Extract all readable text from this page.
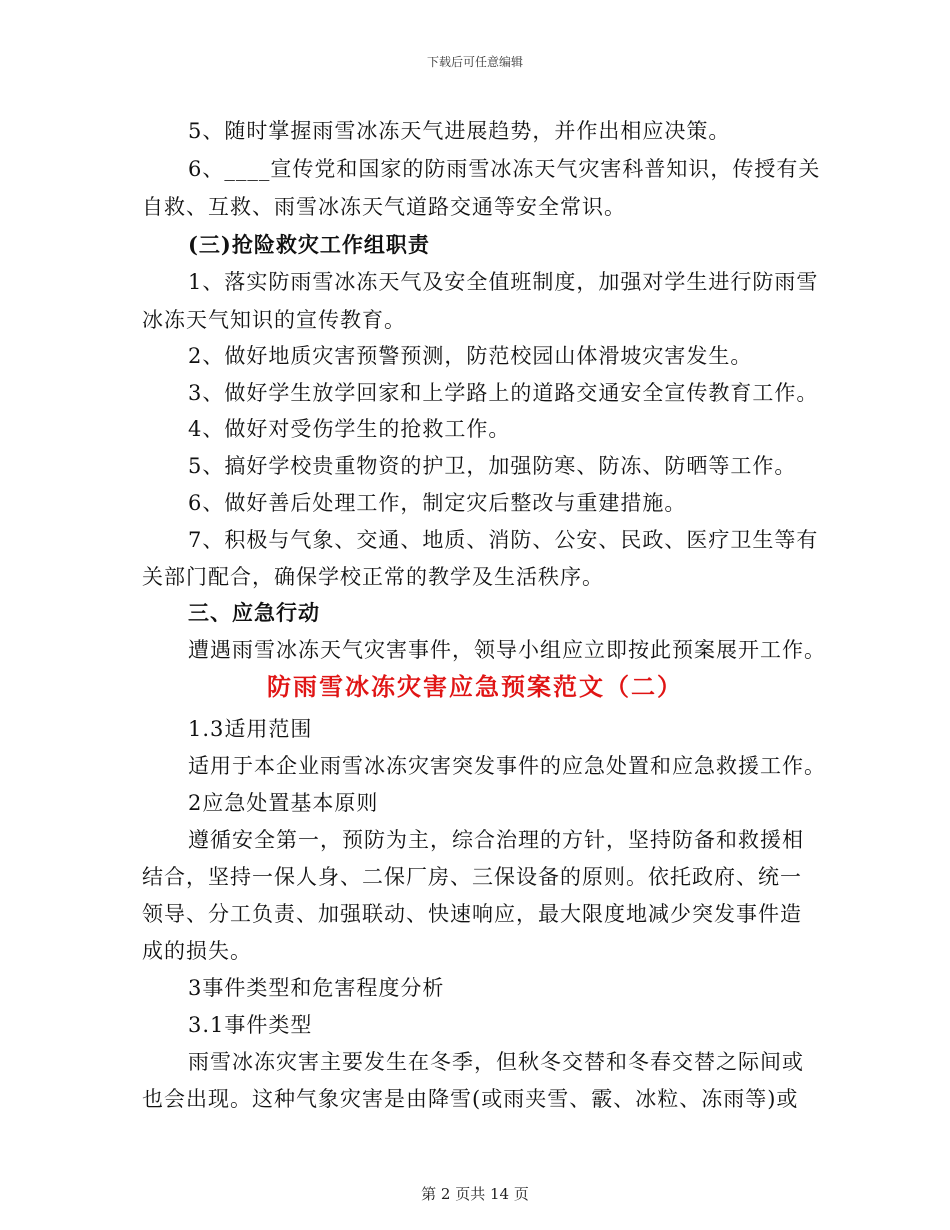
下载后可任意编辑
5、随时掌握雨雪冰冻天气进展趋势，并作出相应决策。
6、____宣传党和国家的防雨雪冰冻天气灾害科普知识，传授有关
自救、互救、雨雪冰冻天气道路交通等安全常识。
(三)抢险救灾工作组职责
1、落实防雨雪冰冻天气及安全值班制度，加强对学生进行防雨雪
冰冻天气知识的宣传教育。
2、做好地质灾害预警预测，防范校园山体滑坡灾害发生。
3、做好学生放学回家和上学路上的道路交通安全宣传教育工作。
4、做好对受伤学生的抢救工作。
5、搞好学校贵重物资的护卫，加强防寒、防冻、防晒等工作。
6、做好善后处理工作，制定灾后整改与重建措施。
7、积极与气象、交通、地质、消防、公安、民政、医疗卫生等有
关部门配合，确保学校正常的教学及生活秩序。
三、应急行动
遭遇雨雪冰冻天气灾害事件，领导小组应立即按此预案展开工作。
防雨雪冰冻灾害应急预案范文（二）
1.3适用范围
适用于本企业雨雪冰冻灾害突发事件的应急处置和应急救援工作。
2应急处置基本原则
遵循安全第一，预防为主，综合治理的方针，坚持防备和救援相
结合，坚持一保人身、二保厂房、三保设备的原则。依托政府、统一
领导、分工负责、加强联动、快速响应，最大限度地减少突发事件造
成的损失。
3事件类型和危害程度分析
3.1事件类型
雨雪冰冻灾害主要发生在冬季，但秋冬交替和冬春交替之际间或
也会出现。这种气象灾害是由降雪(或雨夹雪、霰、冰粒、冻雨等)或
第 2 页共 14 页
